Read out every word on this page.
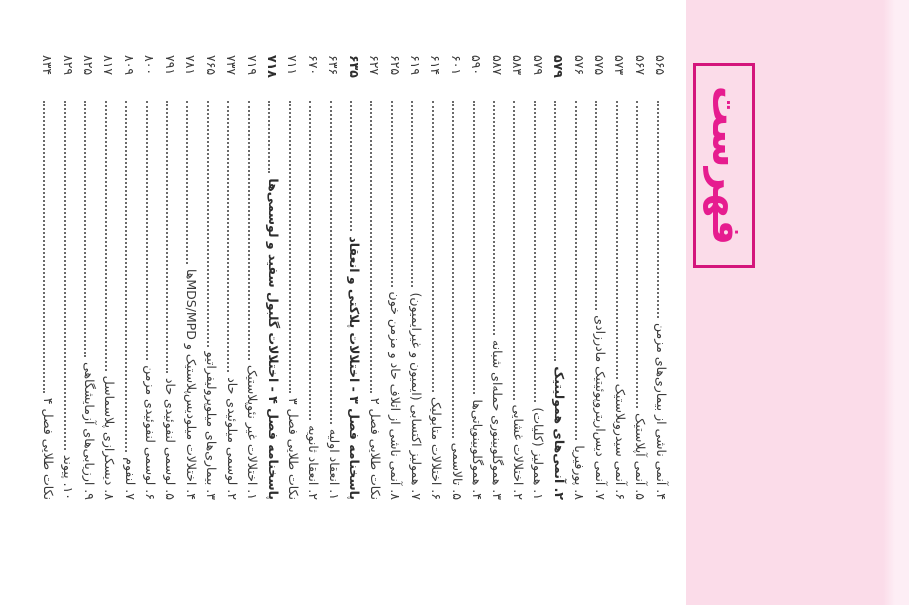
فهرست
۵۶۵
۴. آنمی ناشی از بیماری‌های مزمن
۵۶۷
۵. آنمی آپلاستیک
۵۷۳
۶. آنمی سیدروبلاستیک
۵۷۵
۷. آنمی دیس‌اریتروپوئیتیک مادرزادی
۵۷۶
۸. پورفیریا
۵۷۹
۲. آنمی‌های همولیتیک
۵۷۹
۱. همولیز (کلیات)
۵۸۳
۲. اختلالات غشایی
۵۸۷
۳. هموگلوبینوری حمله‌ای شبانه
۵۹۰
۴. هموگلوبینوپاتی‌ها
۶۰۱
۵. تالاسمی
۶۱۴
۶. اختلالات متابولیک
۶۱۹
۷. همولیز اکتسابی (ایمیون و غیرایمیون)
۶۲۵
۸. آنمی ناشی از اتلاف حاد و مزمن خون
۶۲۷
نکات طلایی فصل ۲
۶۳۵
پاسخنامه فصل ۳ - اختلالات پلاکتی و انعقاد
۶۳۶
۱. انعقاد اولیه
۶۷۰
۲. انعقاد ثانویه
۷۱۱
نکات طلایی فصل ۳
۷۱۸
پاسخنامه فصل ۴ - اختلالات گلبول سفید و لوسمی‌ها
۷۱۹
۱. اختلالات غیر نئوپلاستیک
۷۳۷
۲. لوسمی میلوئیدی حاد
۷۶۵
۳. بیماری‌های میلوپرولیفراتیو
۷۸۱
۴. اختلالات میلودیس‌پلاستیک و MDS/MPDها
۷۹۱
۵. لوسمی لنفوئیدی حاد
۸۰۰
۶. لوسمی لنفوئیدی مزمن
۸۰۹
۷. لنفوم
۸۱۷
۸. دیسکرازی پلاسماسل
۸۲۵
۹. ارزیابی‌های آزمایشگاهی
۸۲۹
۱۰. پیوند
۸۳۴
نکات طلایی فصل ۴
